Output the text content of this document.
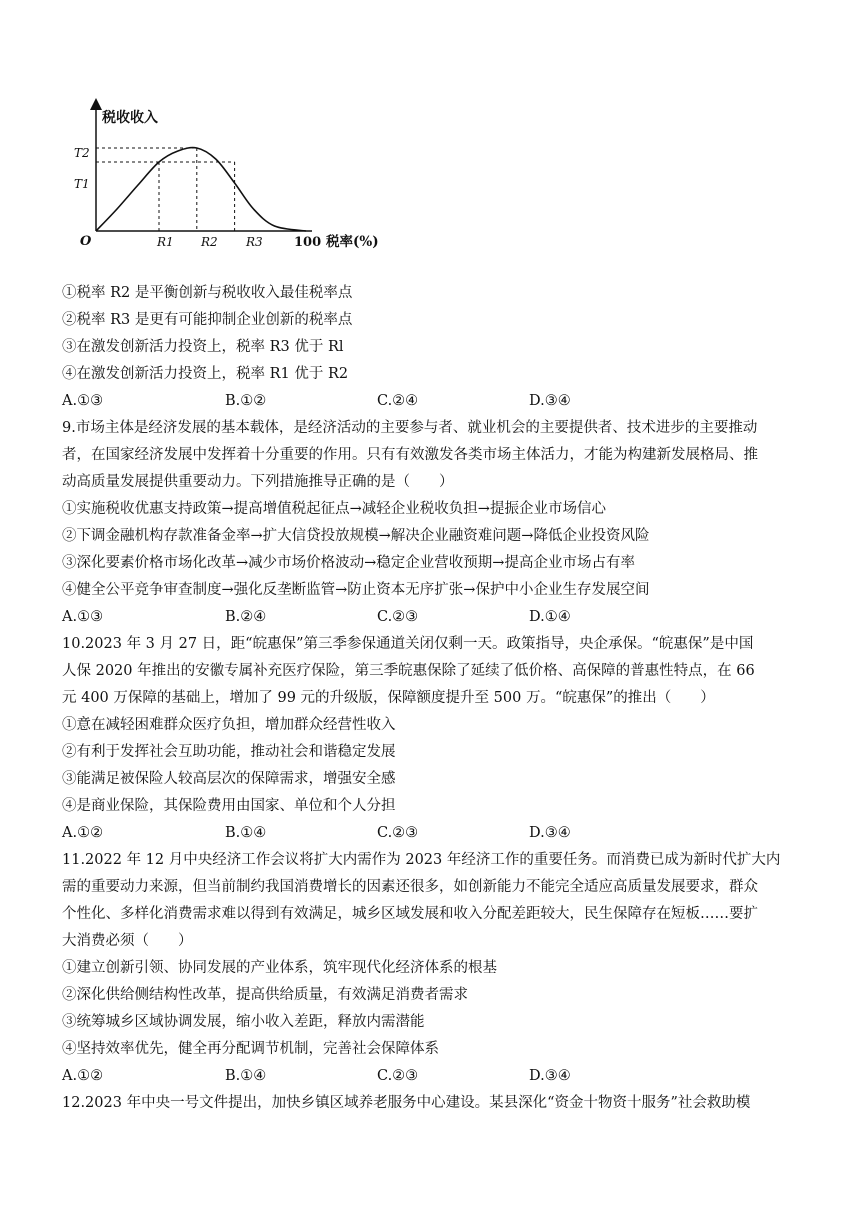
税收收入
O
T2
T1
R1 R2 R3 100 税率(%)
①税率 R2 是平衡创新与税收收入最佳税率点
②税率 R3 是更有可能抑制企业创新的税率点
③在激发创新活力投资上，税率 R3 优于 Rl
④在激发创新活力投资上，税率 R1 优于 R2
A.①③	B.①②	C.②④	D.③④
9.市场主体是经济发展的基本载体，是经济活动的主要参与者、就业机会的主要提供者、技术进步的主要推动
者，在国家经济发展中发挥着十分重要的作用。只有有效激发各类市场主体活力，才能为构建新发展格局、推
动高质量发展提供重要动力。下列措施推导正确的是（　　）
①实施税收优惠支持政策→提高增值税起征点→减轻企业税收负担→提振企业市场信心
②下调金融机构存款准备金率→扩大信贷投放规模→解决企业融资难问题→降低企业投资风险
③深化要素价格市场化改革→减少市场价格波动→稳定企业营收预期→提高企业市场占有率
④健全公平竞争审查制度→强化反垄断监管→防止资本无序扩张→保护中小企业生存发展空间
A.①③	B.②④	C.②③	D.①④
10.2023 年 3 月 27 日，距“皖惠保”第三季参保通道关闭仅剩一天。政策指导，央企承保。“皖惠保”是中国
人保 2020 年推出的安徽专属补充医疗保险，第三季皖惠保除了延续了低价格、高保障的普惠性特点，在 66
元 400 万保障的基础上，增加了 99 元的升级版，保障额度提升至 500 万。“皖惠保”的推出（　　）
①意在减轻困难群众医疗负担，增加群众经营性收入
②有利于发挥社会互助功能，推动社会和谐稳定发展
③能满足被保险人较高层次的保障需求，增强安全感
④是商业保险，其保险费用由国家、单位和个人分担
A.①②	B.①④	C.②③	D.③④
11.2022 年 12 月中央经济工作会议将扩大内需作为 2023 年经济工作的重要任务。而消费已成为新时代扩大内
需的重要动力来源，但当前制约我国消费增长的因素还很多，如创新能力不能完全适应高质量发展要求，群众
个性化、多样化消费需求难以得到有效满足，城乡区域发展和收入分配差距较大，民生保障存在短板……要扩
大消费必须（　　）
①建立创新引领、协同发展的产业体系，筑牢现代化经济体系的根基
②深化供给侧结构性改革，提高供给质量，有效满足消费者需求
③统筹城乡区域协调发展，缩小收入差距，释放内需潜能
④坚持效率优先，健全再分配调节机制，完善社会保障体系
A.①②	B.①④	C.②③	D.③④
12.2023 年中央一号文件提出，加快乡镇区域养老服务中心建设。某县深化“资金十物资十服务”社会救助模
